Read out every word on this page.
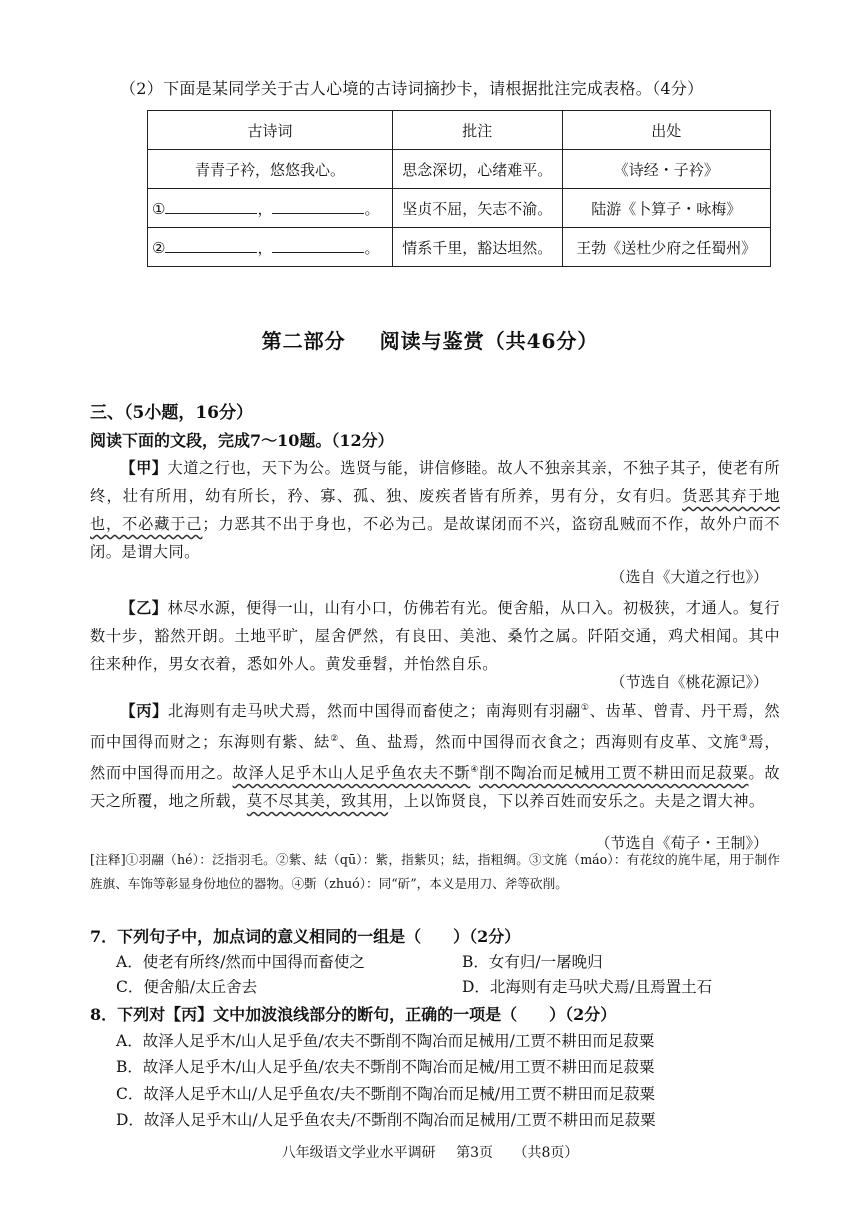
（2）下面是某同学关于古人心境的古诗词摘抄卡，请根据批注完成表格。（4分）
古诗词	批注	出处
青青子衿，悠悠我心。	思念深切，心绪难平。	《诗经・子衿》
① ， 。	坚贞不屈，矢志不渝。	陆游《卜算子・咏梅》
② ， 。	情系千里，豁达坦然。	王勃《送杜少府之任蜀州》
第二部分 阅读与鉴赏（共46分）
三、（5小题，16分）
阅读下面的文段，完成7～10题。（12分）
【甲】大道之行也，天下为公。选贤与能，讲信修睦。故人不独亲其亲，不独子其子，使老有所终，壮有所用，幼有所长，矜、寡、孤、独、废疾者皆有所养，男有分，女有归。货恶其弃于地也，不必藏于己；力恶其不出于身也，不必为己。是故谋闭而不兴，盗窃乱贼而不作，故外户而不闭。是谓大同。
（选自《大道之行也》）
【乙】林尽水源，便得一山，山有小口，仿佛若有光。便舍船，从口入。初极狭，才通人。复行数十步，豁然开朗。土地平旷，屋舍俨然，有良田、美池、桑竹之属。阡陌交通，鸡犬相闻。其中往来种作，男女衣着，悉如外人。黄发垂髫，并怡然自乐。
（节选自《桃花源记》）
【丙】北海则有走马吠犬焉，然而中国得而畜使之；南海则有羽翮①、齿革、曾青、丹干焉，然而中国得而财之；东海则有紫、紶②、鱼、盐焉，然而中国得而衣食之；西海则有皮革、文旄③焉，然而中国得而用之。故泽人足乎木山人足乎鱼农夫不斲④削不陶冶而足械用工贾不耕田而足菽粟。故天之所覆，地之所载，莫不尽其美，致其用，上以饰贤良，下以养百姓而安乐之。夫是之谓大神。
（节选自《荀子・王制》）
[注释]①羽翮（hé）：泛指羽毛。②紫、紶（qū）：紫，指紫贝；紶，指粗绸。③文旄（máo）：有花纹的旄牛尾，用于制作旌旗、车饰等彰显身份地位的器物。④斲（zhuó）：同“斫”，本义是用刀、斧等砍削。
7．下列句子中，加点词的意义相同的一组是（　　）（2分）
A．使老有所终/然而中国得而畜使之	B．女有归/一屠晚归
C．便舍船/太丘舍去	D．北海则有走马吠犬焉/且焉置土石
8．下列对【丙】文中加波浪线部分的断句，正确的一项是（　　）（2分）
A．故泽人足乎木/山人足乎鱼/农夫不斲削不陶冶而足械用/工贾不耕田而足菽粟
B．故泽人足乎木/山人足乎鱼/农夫不斲削不陶冶而足械/用工贾不耕田而足菽粟
C．故泽人足乎木山/人足乎鱼农/夫不斲削不陶冶而足械/用工贾不耕田而足菽粟
D．故泽人足乎木山/人足乎鱼农夫/不斲削不陶冶而足械用/工贾不耕田而足菽粟
八年级语文学业水平调研 第3页 （共8页）
